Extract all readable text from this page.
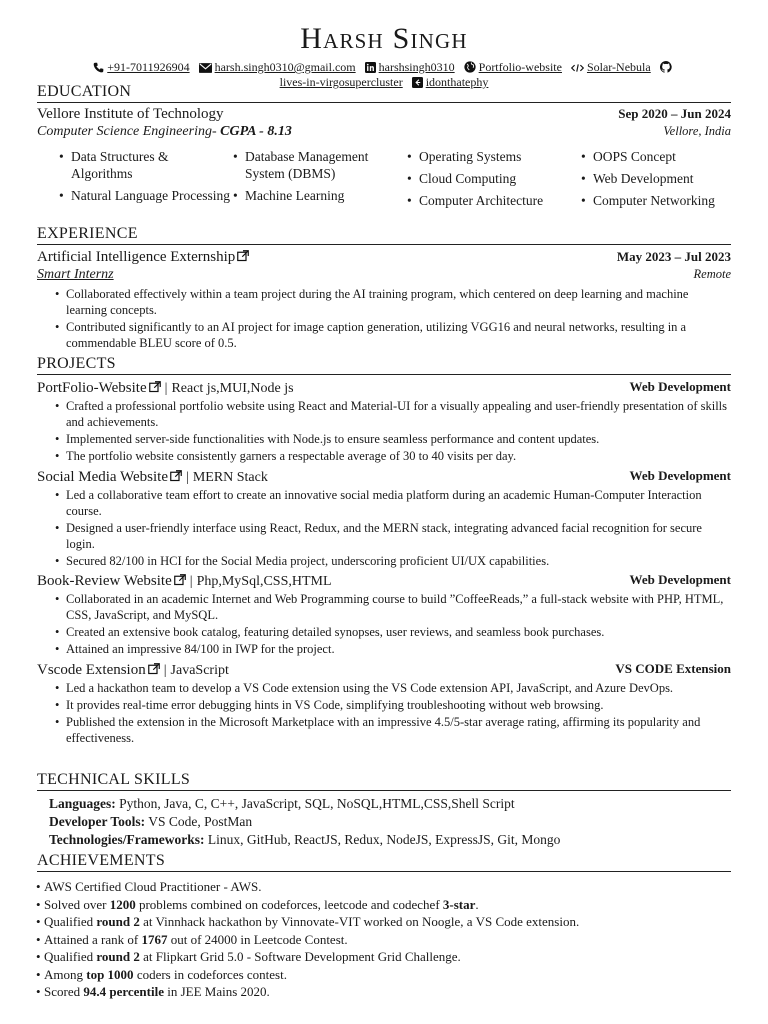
Harsh Singh
+91-7011926904 harsh.singh0310@gmail.com harshsingh0310 Portfolio-website Solar-Nebula
lives-in-virgosupercluster idonthatephy
EDUCATION
Vellore Institute of Technology	Sep 2020 – Jun 2024
Computer Science Engineering- CGPA - 8.13	Vellore, India
• Data Structures & Algorithms
• Natural Language Processing
• Database Management System (DBMS)
• Machine Learning
• Operating Systems
• Cloud Computing
• Computer Architecture
• OOPS Concept
• Web Development
• Computer Networking
EXPERIENCE
Artificial Intelligence Externship	May 2023 – Jul 2023
Smart Internz	Remote
• Collaborated effectively within a team project during the AI training program, which centered on deep learning and machine learning concepts.
• Contributed significantly to an AI project for image caption generation, utilizing VGG16 and neural networks, resulting in a commendable BLEU score of 0.5.
PROJECTS
PortFolio-Website | React js,MUI,Node js	Web Development
• Crafted a professional portfolio website using React and Material-UI for a visually appealing and user-friendly presentation of skills and achievements.
• Implemented server-side functionalities with Node.js to ensure seamless performance and content updates.
• The portfolio website consistently garners a respectable average of 30 to 40 visits per day.
Social Media Website | MERN Stack	Web Development
• Led a collaborative team effort to create an innovative social media platform during an academic Human-Computer Interaction course.
• Designed a user-friendly interface using React, Redux, and the MERN stack, integrating advanced facial recognition for secure login.
• Secured 82/100 in HCI for the Social Media project, underscoring proficient UI/UX capabilities.
Book-Review Website | Php,MySql,CSS,HTML	Web Development
• Collaborated in an academic Internet and Web Programming course to build ”CoffeeReads,” a full-stack website with PHP, HTML, CSS, JavaScript, and MySQL.
• Created an extensive book catalog, featuring detailed synopses, user reviews, and seamless book purchases.
• Attained an impressive 84/100 in IWP for the project.
Vscode Extension | JavaScript	VS CODE Extension
• Led a hackathon team to develop a VS Code extension using the VS Code extension API, JavaScript, and Azure DevOps.
• It provides real-time error debugging hints in VS Code, simplifying troubleshooting without web browsing.
• Published the extension in the Microsoft Marketplace with an impressive 4.5/5-star average rating, affirming its popularity and effectiveness.
TECHNICAL SKILLS
Languages: Python, Java, C, C++, JavaScript, SQL, NoSQL,HTML,CSS,Shell Script
Developer Tools: VS Code, PostMan
Technologies/Frameworks: Linux, GitHub, ReactJS, Redux, NodeJS, ExpressJS, Git, Mongo
ACHIEVEMENTS
• AWS Certified Cloud Practitioner - AWS.
• Solved over 1200 problems combined on codeforces, leetcode and codechef 3-star.
• Qualified round 2 at Vinnhack hackathon by Vinnovate-VIT worked on Noogle, a VS Code extension.
• Attained a rank of 1767 out of 24000 in Leetcode Contest.
• Qualified round 2 at Flipkart Grid 5.0 - Software Development Grid Challenge.
• Among top 1000 coders in codeforces contest.
• Scored 94.4 percentile in JEE Mains 2020.
